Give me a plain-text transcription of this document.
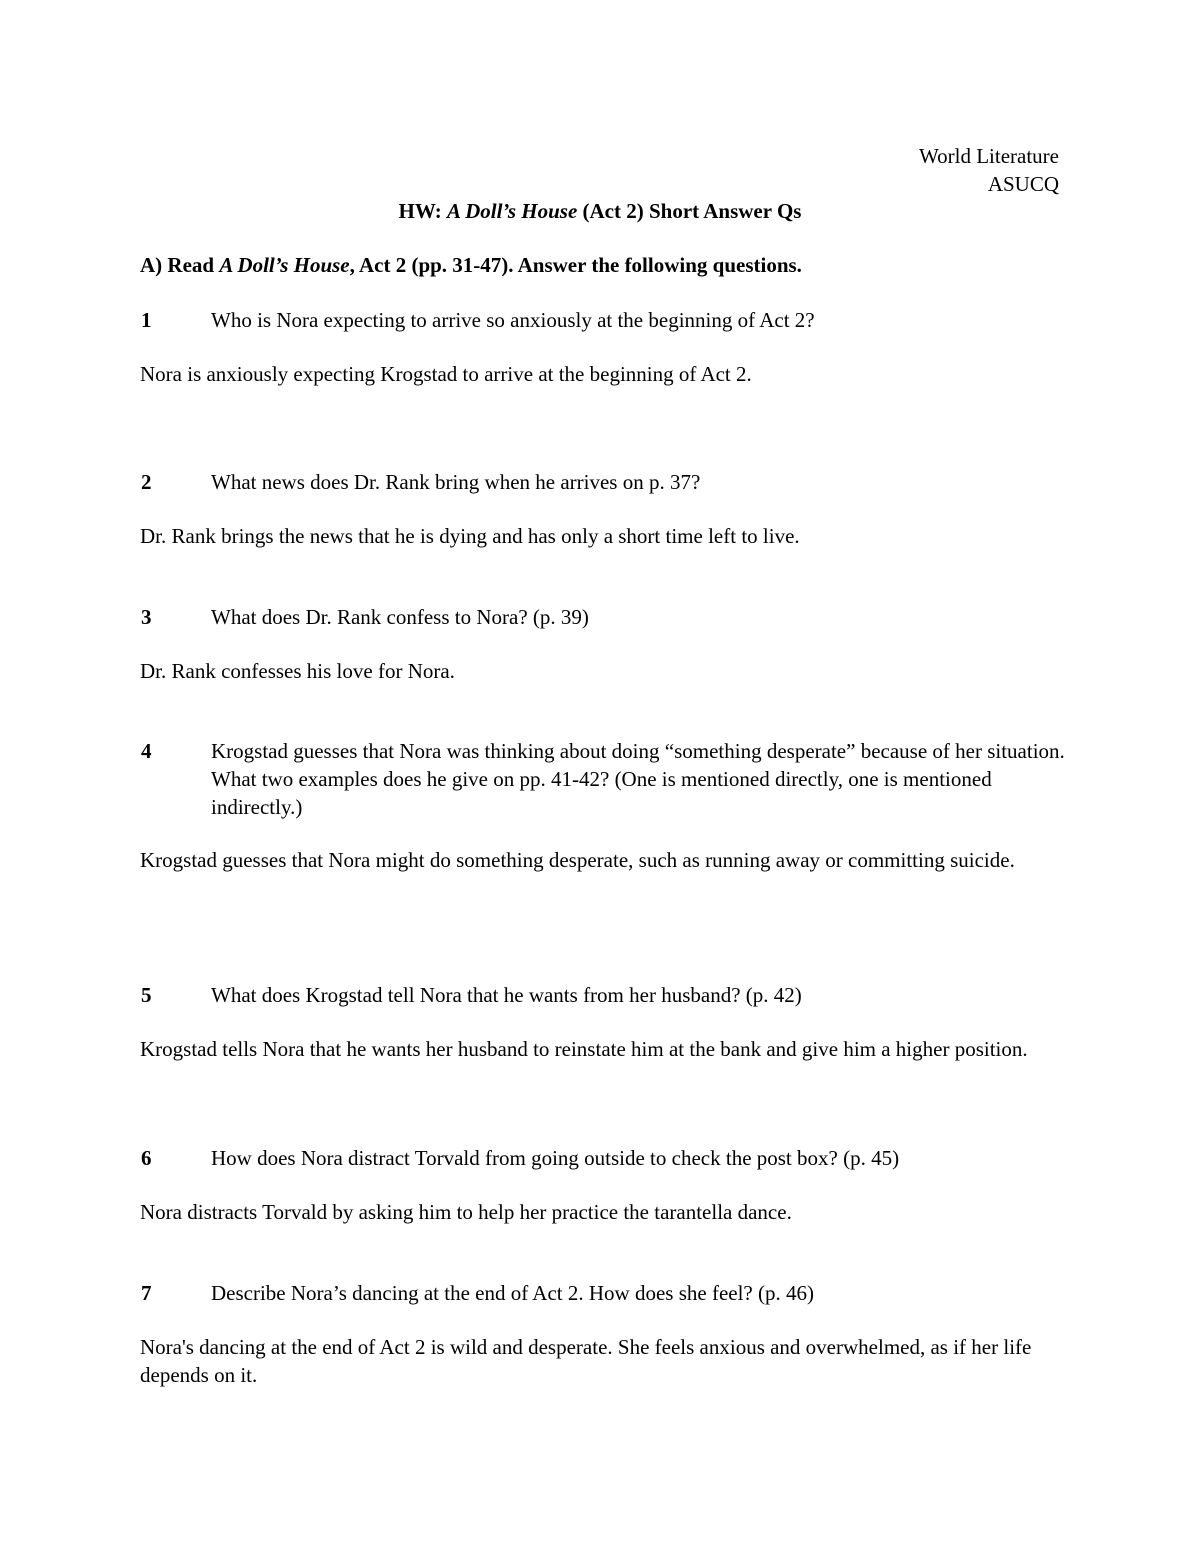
World Literature
ASUCQ
HW: A Doll’s House (Act 2) Short Answer Qs
A) Read A Doll’s House, Act 2 (pp. 31-47). Answer the following questions.
1	Who is Nora expecting to arrive so anxiously at the beginning of Act 2?
Nora is anxiously expecting Krogstad to arrive at the beginning of Act 2.
2	What news does Dr. Rank bring when he arrives on p. 37?
Dr. Rank brings the news that he is dying and has only a short time left to live.
3	What does Dr. Rank confess to Nora? (p. 39)
Dr. Rank confesses his love for Nora.
4	Krogstad guesses that Nora was thinking about doing “something desperate” because of her situation. What two examples does he give on pp. 41-42? (One is mentioned directly, one is mentioned indirectly.)
Krogstad guesses that Nora might do something desperate, such as running away or committing suicide.
5	What does Krogstad tell Nora that he wants from her husband? (p. 42)
Krogstad tells Nora that he wants her husband to reinstate him at the bank and give him a higher position.
6	How does Nora distract Torvald from going outside to check the post box? (p. 45)
Nora distracts Torvald by asking him to help her practice the tarantella dance.
7	Describe Nora’s dancing at the end of Act 2. How does she feel? (p. 46)
Nora's dancing at the end of Act 2 is wild and desperate. She feels anxious and overwhelmed, as if her life depends on it.
